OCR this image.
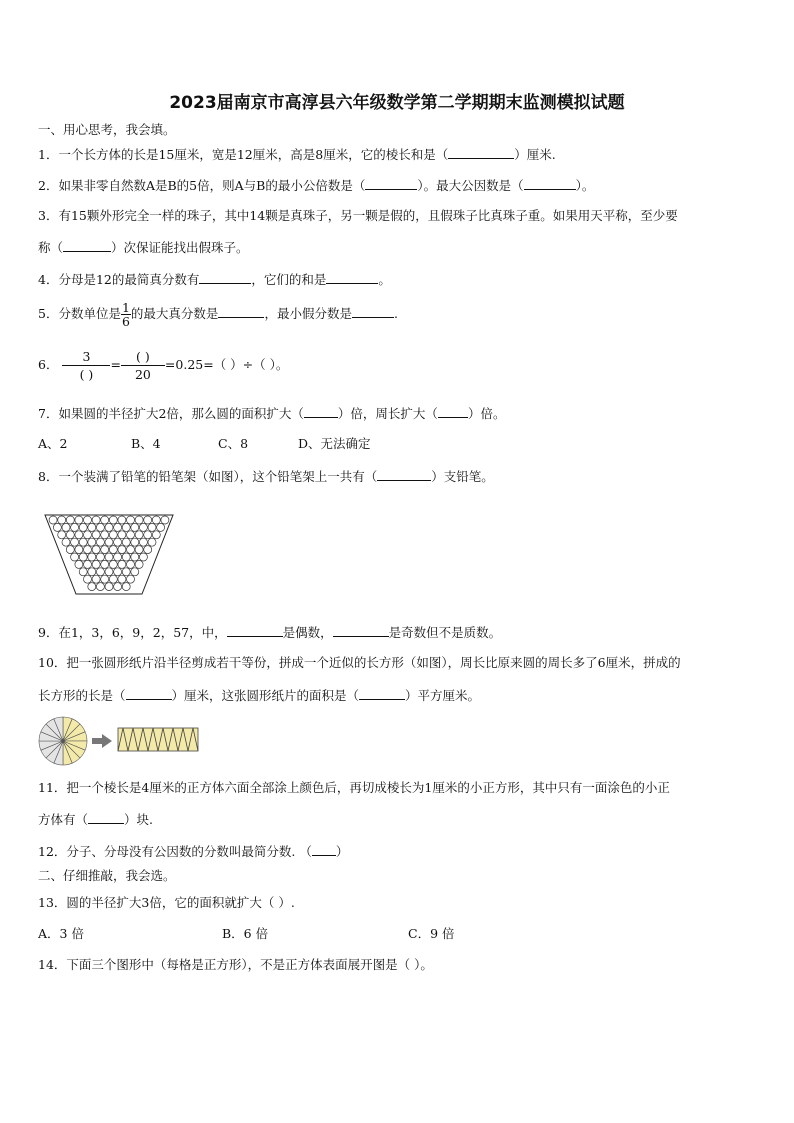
2023届南京市高淳县六年级数学第二学期期末监测模拟试题
一、用心思考，我会填。
1．一个长方体的长是15厘米，宽是12厘米，高是8厘米，它的棱长和是（	）厘米.
2．如果非零自然数A是B的5倍，则A与B的最小公倍数是（	）。最大公因数是（	）。
3．有15颗外形完全一样的珠子，其中14颗是真珠子，另一颗是假的，且假珠子比真珠子重。如果用天平称，至少要
称（	）次保证能找出假珠子。
4．分母是12的最简真分数有	，它们的和是	。
5．分数单位是 $\frac{1}{6}$ 的最大真分数是	，最小假分数是	.
6． $\frac{3}{( )} = \frac{( )}{20} =0.25=$（ ）÷（ ）。
7．如果圆的半径扩大2倍，那么圆的面积扩大（	）倍，周长扩大（ ）倍。
A、2	B、4	C、8	D、无法确定
8．一个装满了铅笔的铅笔架（如图），这个铅笔架上一共有（	）支铅笔。
9．在1，3，6，9，2，57，中，	是偶数，	是奇数但不是质数。
10．把一张圆形纸片沿半径剪成若干等份，拼成一个近似的长方形（如图），周长比原来圆的周长多了6厘米，拼成的
长方形的长是（	）厘米，这张圆形纸片的面积是（	）平方厘米。
11．把一个棱长是4厘米的正方体六面全部涂上颜色后，再切成棱长为1厘米的小正方形，其中只有一面涂色的小正
方体有（	）块.
12．分子、分母没有公因数的分数叫最简分数. （ ）
二、仔细推敲，我会选。
13．圆的半径扩大3倍，它的面积就扩大（ ）.
A．3 倍	B．6 倍	C．9 倍
14．下面三个图形中（每格是正方形），不是正方体表面展开图是（ ）。
